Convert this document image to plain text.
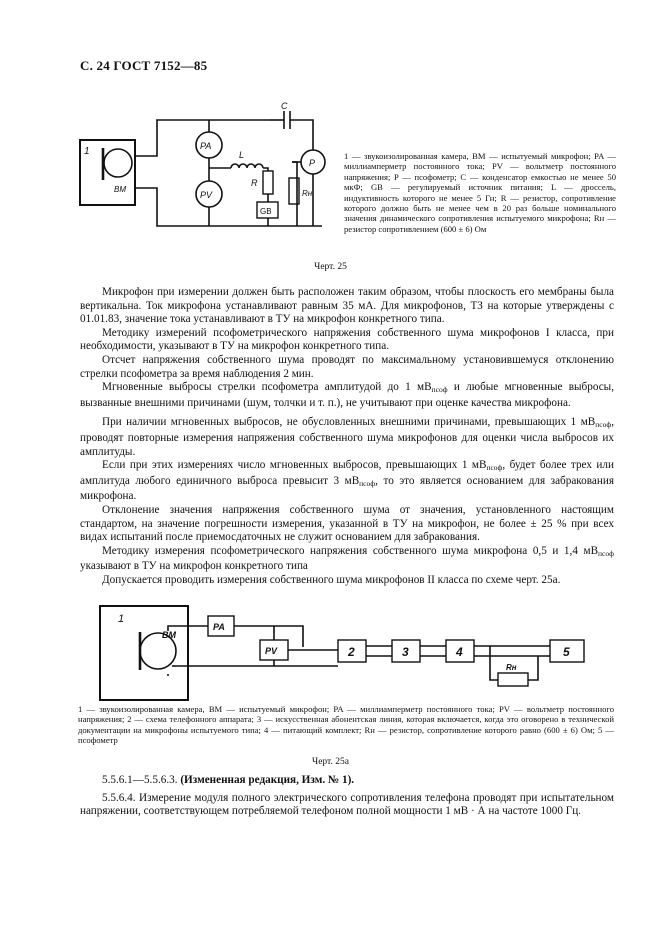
С. 24 ГОСТ 7152—85
1
BM
C
PA
PV
L
R
GB
P
Rн
1 — звукоизолированная камера, BM — испытуемый микрофон; PA — миллиамперметр постоянного тока; PV — вольтметр постоянного напряжения; P — псофометр; C — конденсатор емкостью не менее 50 мкФ; GB — регулируемый источник питания; L — дроссель, индуктивность которого не менее 5 Гн; R — резистор, сопротивление которого должно быть не менее чем в 20 раз больше номинального значения динамического сопротивления испытуемого микрофона; Rн — резистор сопротивлением (600 ± 6) Ом
Черт. 25

Микрофон при измерении должен быть расположен таким образом, чтобы плоскость его мембраны была вертикальна. Ток микрофона устанавливают равным 35 мА. Для микрофонов, ТЗ на которые утверждены с 01.01.83, значение тока устанавливают в ТУ на микрофон конкретного типа.

Методику измерений псофометрического напряжения собственного шума микрофонов I класса, при необходимости, указывают в ТУ на микрофон конкретного типа.

Отсчет напряжения собственного шума проводят по максимальному установившемуся отклонению стрелки псофометра за время наблюдения 2 мин.

Мгновенные выбросы стрелки псофометра амплитудой до 1 $мВ_{псоф}$ и любые мгновенные выбросы, вызванные внешними причинами (шум, толчки и т. п.), не учитывают при оценке качества микрофона.

При наличии мгновенных выбросов, не обусловленных внешними причинами, превышающих 1 $мВ_{псоф}$, проводят повторные измерения напряжения собственного шума микрофонов для оценки числа выбросов их амплитуды.

Если при этих измерениях число мгновенных выбросов, превышающих 1 $мВ_{псоф}$, будет более трех или амплитуда любого единичного выброса превысит 3 $мВ_{псоф}$, то это является основанием для забракования микрофона.

Отклонение значения напряжения собственного шума от значения, установленного настоящим стандартом, на значение погрешности измерения, указанной в ТУ на микрофон, не более ± 25 % при всех видах испытаний после приемосдаточных не служит основанием для забракования.

Методику измерения псофометрического напряжения собственного шума микрофона 0,5 и 1,4 $мВ_{псоф}$ указывают в ТУ на микрофон конкретного типа

Допускается проводить измерения собственного шума микрофонов II класса по схеме черт. 25а.

1
BM
PA
PV	2	3	4
Rн
5
1 — звукоизолированная камера, BM — испытуемый микрофон; PA — миллиамперметр постоянного тока; PV — вольтметр постоянного напряжения; 2 — схема телефонного аппарата; 3 — искусственная абонентская линия, которая включается, когда это оговорено в технической документации на микрофоны испытуемого типа; 4 — питающий комплект; Rн — резистор, сопротивление которого равно (600 ± 6) Ом; 5 — псофометр
Черт. 25а

5.5.6.1—5.5.6.3. (Измененная редакция, Изм. № 1).

5.5.6.4. Измерение модуля полного электрического сопротивления телефона проводят при испытательном напряжении, соответствующем потребляемой телефоном полной мощности 1 мВ · А на частоте 1000 Гц.
